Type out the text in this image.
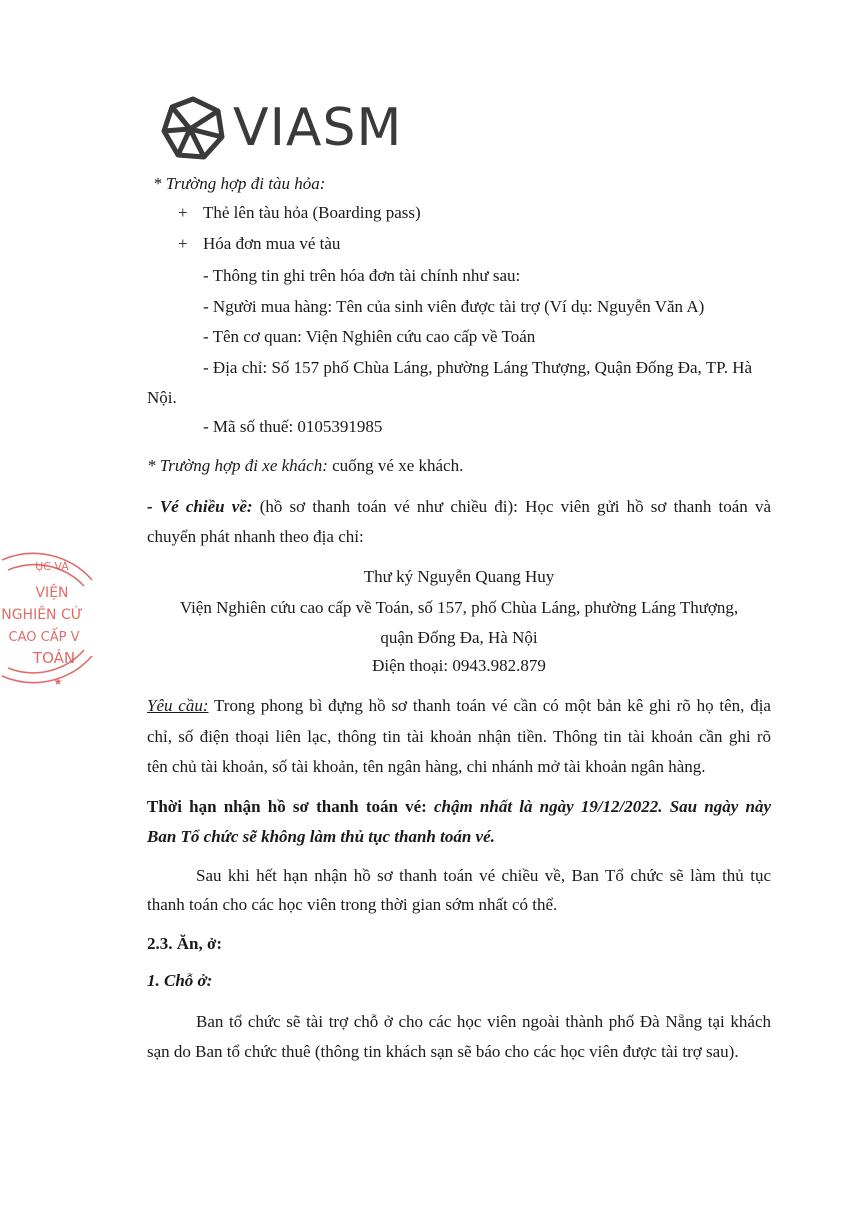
VIASM
* Trường hợp đi tàu hỏa:
+ Thẻ lên tàu hỏa (Boarding pass)
+ Hóa đơn mua vé tàu
- Thông tin ghi trên hóa đơn tài chính như sau:
- Người mua hàng: Tên của sinh viên được tài trợ (Ví dụ: Nguyễn Văn A)
- Tên cơ quan: Viện Nghiên cứu cao cấp về Toán
- Địa chỉ: Số 157 phố Chùa Láng, phường Láng Thượng, Quận Đống Đa, TP. Hà
Nội.
- Mã số thuế: 0105391985
* Trường hợp đi xe khách: cuống vé xe khách.
- Vé chiều về: (hồ sơ thanh toán vé như chiều đi): Học viên gửi hồ sơ thanh toán và
chuyển phát nhanh theo địa chỉ:
Thư ký Nguyễn Quang Huy
Viện Nghiên cứu cao cấp về Toán, số 157, phố Chùa Láng, phường Láng Thượng,
quận Đống Đa, Hà Nội
Điện thoại: 0943.982.879
ỤC VÀ
VIỆN
NGHIÊN CỨ
CAO CẤP V
TOÁN
★
Yêu cầu: Trong phong bì đựng hồ sơ thanh toán vé cần có một bản kê ghi rõ họ tên, địa
chỉ, số điện thoại liên lạc, thông tin tài khoản nhận tiền. Thông tin tài khoản cần ghi rõ
tên chủ tài khoản, số tài khoản, tên ngân hàng, chi nhánh mở tài khoản ngân hàng.
Thời hạn nhận hồ sơ thanh toán vé: chậm nhất là ngày 19/12/2022. Sau ngày này
Ban Tổ chức sẽ không làm thủ tục thanh toán vé.
Sau khi hết hạn nhận hồ sơ thanh toán vé chiều về, Ban Tổ chức sẽ làm thủ tục
thanh toán cho các học viên trong thời gian sớm nhất có thể.
2.3. Ăn, ở:
1. Chỗ ở:
Ban tổ chức sẽ tài trợ chỗ ở cho các học viên ngoài thành phố Đà Nẵng tại khách
sạn do Ban tổ chức thuê (thông tin khách sạn sẽ báo cho các học viên được tài trợ sau).
